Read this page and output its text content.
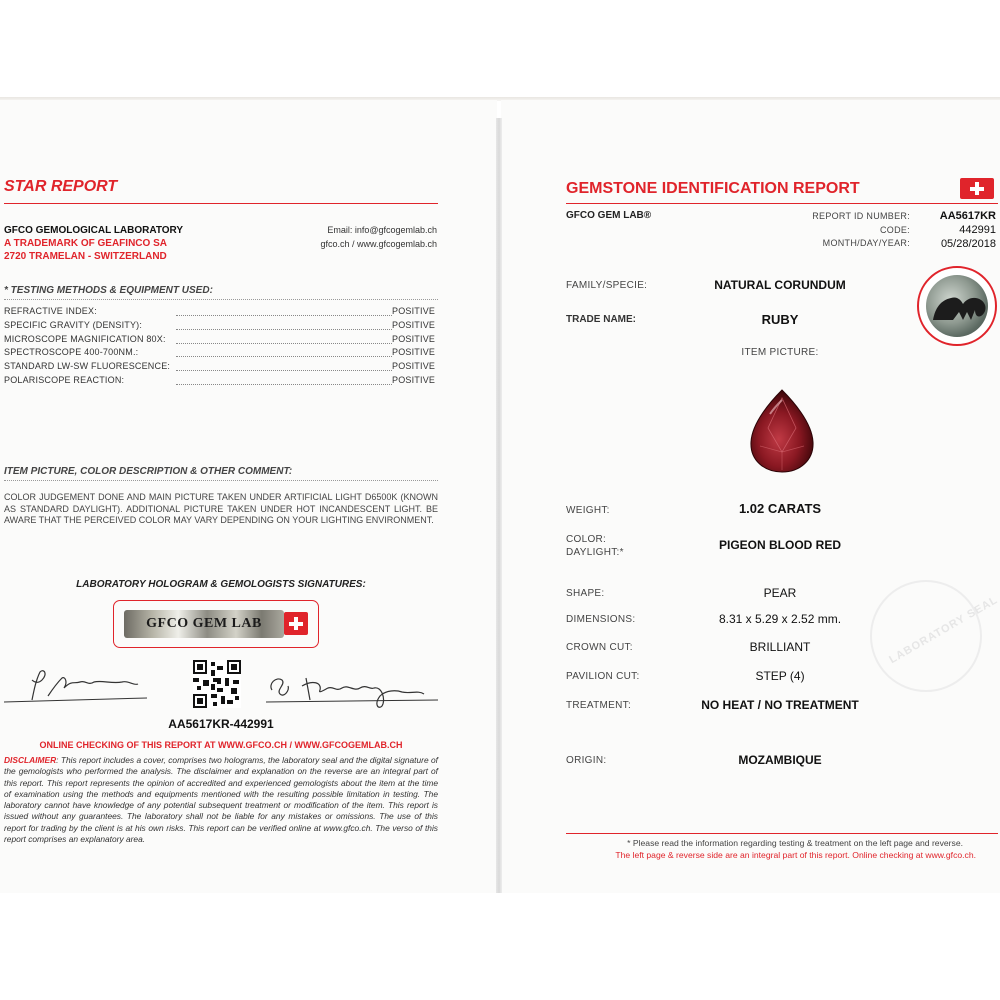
STAR REPORT
GFCO GEMOLOGICAL LABORATORY
A TRADEMARK OF GEAFINCO SA
2720 TRAMELAN - SWITZERLAND
Email: info@gfcogemlab.ch
gfco.ch / www.gfcogemlab.ch
* TESTING METHODS & EQUIPMENT USED:
REFRACTIVE INDEX:	POSITIVE
SPECIFIC GRAVITY (DENSITY):	POSITIVE
MICROSCOPE MAGNIFICATION 80X:	POSITIVE
SPECTROSCOPE 400-700NM.:	POSITIVE
STANDARD LW-SW FLUORESCENCE:	POSITIVE
POLARISCOPE REACTION:	POSITIVE
ITEM PICTURE, COLOR DESCRIPTION & OTHER COMMENT:
COLOR JUDGEMENT DONE AND MAIN PICTURE TAKEN UNDER ARTIFICIAL LIGHT D6500K (KNOWN AS STANDARD DAYLIGHT). ADDITIONAL PICTURE TAKEN UNDER HOT INCANDESCENT LIGHT. BE AWARE THAT THE PERCEIVED COLOR MAY VARY DEPENDING ON YOUR LIGHTING ENVIRONMENT.
LABORATORY HOLOGRAM & GEMOLOGISTS SIGNATURES:
GFCO GEM LAB
AA5617KR-442991
ONLINE CHECKING OF THIS REPORT AT WWW.GFCO.CH / WWW.GFCOGEMLAB.CH
DISCLAIMER: This report includes a cover, comprises two holograms, the laboratory seal and the digital signature of the gemologists who performed the analysis. The disclaimer and explanation on the reverse are an integral part of this report. This report represents the opinion of accredited and experienced gemologists about the item at the time of examination using the methods and equipments mentioned with the resulting possible limitation in testing. The laboratory cannot have knowledge of any potential subsequent treatment or modification of the item. This report is issued without any guarantees. The laboratory shall not be liable for any mistakes or omissions. The use of this report for trading by the client is at his own risks. This report can be verified online at www.gfco.ch. The verso of this report comprises an explanatory area.
GEMSTONE IDENTIFICATION REPORT
GFCO GEM LAB®	REPORT ID NUMBER:	AA5617KR
CODE:	442991
MONTH/DAY/YEAR:	05/28/2018
FAMILY/SPECIE:	NATURAL CORUNDUM
TRADE NAME:	RUBY
ITEM PICTURE:
WEIGHT:	1.02 CARATS
COLOR:
DAYLIGHT:*
PIGEON BLOOD RED
SHAPE:	PEAR
DIMENSIONS:	8.31 x 5.29 x 2.52 mm.
CROWN CUT:	BRILLIANT
PAVILION CUT:	STEP (4)
TREATMENT:	NO HEAT / NO TREATMENT
ORIGIN:	MOZAMBIQUE
LABORATORY SEAL
* Please read the information regarding testing & treatment on the left page and reverse.
The left page & reverse side are an integral part of this report. Online checking at www.gfco.ch.
